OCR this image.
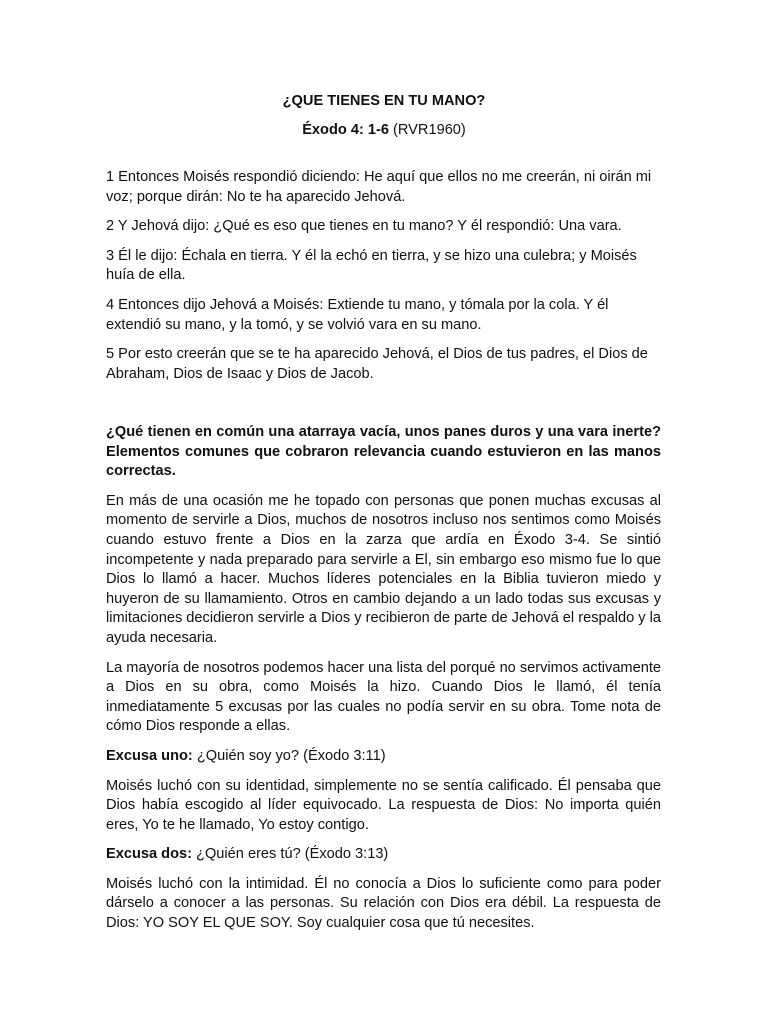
¿QUE TIENES EN TU MANO?
Éxodo 4: 1-6 (RVR1960)

1 Entonces Moisés respondió diciendo: He aquí que ellos no me creerán, ni oirán mi voz; porque dirán: No te ha aparecido Jehová.

2 Y Jehová dijo: ¿Qué es eso que tienes en tu mano? Y él respondió: Una vara.

3 Él le dijo: Échala en tierra. Y él la echó en tierra, y se hizo una culebra; y Moisés huía de ella.

4 Entonces dijo Jehová a Moisés: Extiende tu mano, y tómala por la cola. Y él extendió su mano, y la tomó, y se volvió vara en su mano.

5 Por esto creerán que se te ha aparecido Jehová, el Dios de tus padres, el Dios de Abraham, Dios de Isaac y Dios de Jacob.

¿Qué tienen en común una atarraya vacía, unos panes duros y una vara inerte? Elementos comunes que cobraron relevancia cuando estuvieron en las manos correctas.

En más de una ocasión me he topado con personas que ponen muchas excusas al momento de servirle a Dios, muchos de nosotros incluso nos sentimos como Moisés cuando estuvo frente a Dios en la zarza que ardía en Éxodo 3-4. Se sintió incompetente y nada preparado para servirle a El, sin embargo eso mismo fue lo que Dios lo llamó a hacer. Muchos líderes potenciales en la Biblia tuvieron miedo y huyeron de su llamamiento. Otros en cambio dejando a un lado todas sus excusas y limitaciones decidieron servirle a Dios y recibieron de parte de Jehová el respaldo y la ayuda necesaria.

La mayoría de nosotros podemos hacer una lista del porqué no servimos activamente a Dios en su obra, como Moisés la hizo. Cuando Dios le llamó, él tenía inmediatamente 5 excusas por las cuales no podía servir en su obra. Tome nota de cómo Dios responde a ellas.

Excusa uno: ¿Quién soy yo? (Éxodo 3:11)

Moisés luchó con su identidad, simplemente no se sentía calificado. Él pensaba que Dios había escogido al líder equivocado. La respuesta de Dios: No importa quién eres, Yo te he llamado, Yo estoy contigo.

Excusa dos: ¿Quién eres tú? (Éxodo 3:13)

Moisés luchó con la intimidad. Él no conocía a Dios lo suficiente como para poder dárselo a conocer a las personas. Su relación con Dios era débil. La respuesta de Dios: YO SOY EL QUE SOY. Soy cualquier cosa que tú necesites.
